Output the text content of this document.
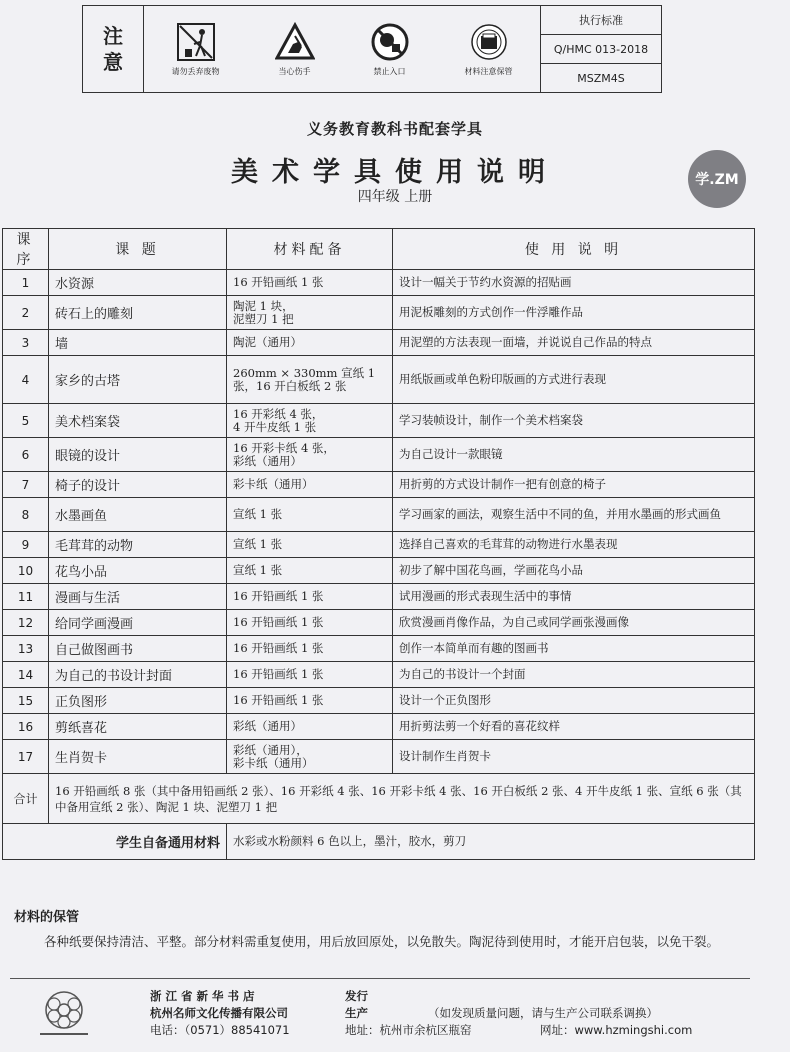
注
意	请勿丢弃废物	当心伤手	禁止入口	材料注意保管
执行标准
Q/HMC 013-2018
MSZM4S
义务教育教科书配套学具
美术学具使用说明
四年级 上册
学.ZM
课序	课 题	材料配备	使 用 说 明
1	水资源	16 开铅画纸 1 张	设计一幅关于节约水资源的招贴画
2	砖石上的雕刻	陶泥 1 块，
泥塑刀 1 把	用泥板雕刻的方式创作一件浮雕作品
3	墙	陶泥（通用）	用泥塑的方法表现一面墙，并说说自己作品的特点
4	家乡的古塔	260mm × 330mm 宣纸 1 张，16 开白板纸 2 张	用纸版画或单色粉印版画的方式进行表现
5	美术档案袋	16 开彩纸 4 张，
4 开牛皮纸 1 张	学习装帧设计，制作一个美术档案袋
6	眼镜的设计	16 开彩卡纸 4 张，
彩纸（通用）	为自己设计一款眼镜
7	椅子的设计	彩卡纸（通用）	用折剪的方式设计制作一把有创意的椅子
8	水墨画鱼	宣纸 1 张	学习画家的画法，观察生活中不同的鱼，并用水墨画的形式画鱼
9	毛茸茸的动物	宣纸 1 张	选择自己喜欢的毛茸茸的动物进行水墨表现
10	花鸟小品	宣纸 1 张	初步了解中国花鸟画，学画花鸟小品
11	漫画与生活	16 开铅画纸 1 张	试用漫画的形式表现生活中的事情
12	给同学画漫画	16 开铅画纸 1 张	欣赏漫画肖像作品，为自己或同学画张漫画像
13	自己做图画书	16 开铅画纸 1 张	创作一本简单而有趣的图画书
14	为自己的书设计封面	16 开铅画纸 1 张	为自己的书设计一个封面
15	正负图形	16 开铅画纸 1 张	设计一个正负图形
16	剪纸喜花	彩纸（通用）	用折剪法剪一个好看的喜花纹样
17	生肖贺卡	彩纸（通用），
彩卡纸（通用）	设计制作生肖贺卡
合计	16 开铅画纸 8 张（其中备用铅画纸 2 张）、16 开彩纸 4 张、16 开彩卡纸 4 张、16 开白板纸 2 张、4 开牛皮纸 1 张、宣纸 6 张（其中备用宣纸 2 张）、陶泥 1 块、泥塑刀 1 把		
学生自备通用材料		水彩或水粉颜料 6 色以上，墨汁，胶水，剪刀	
材料的保管
各种纸要保持清洁、平整。部分材料需重复使用，用后放回原处，以免散失。陶泥待到使用时，才能开启包装，以免干裂。
浙 江 省 新 华 书 店	发行
杭州名师文化传播有限公司	生产	（如发现质量问题，请与生产公司联系调换）
电话：（0571）88541071	地址：杭州市余杭区瓶窑	网址：www.hzmingshi.com
